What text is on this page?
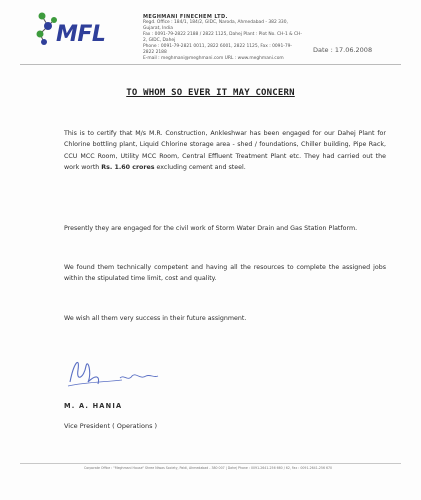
MFL
MEGHMANI FINECHEM LTD.
Regd. Office : 184/1, 184/2, GIDC, Naroda, Ahmedabad - 382 330, Gujarat, India
Fax : 0091-79-2822 2188 / 2822 1125, Dahej Plant : Plot No. CH-1 & CH-2, GIDC, Dahej
Phone : 0091-79-2821 0011, 2822 6001, 2822 1125, Fax : 0091-79-2822 2188
E-mail : meghmani@meghmani.com URL : www.meghmani.com
Date : 17.06.2008
TO WHOM SO EVER IT MAY CONCERN
This is to certify that M/s M.R. Construction, Ankleshwar has been engaged for our Dahej Plant for Chlorine bottling plant, Liquid Chlorine storage area - shed / foundations, Chiller building, Pipe Rack, CCU MCC Room, Utility MCC Room, Central Effluent Treatment Plant etc. They had carried out the work worth Rs. 1.60 crores excluding cement and steel.
Presently they are engaged for the civil work of Storm Water Drain and Gas Station Platform.
We found them technically competent and having all the resources to complete the assigned jobs within the stipulated time limit, cost and quality.
We wish all them very success in their future assignment.
M. A. HANIA
Vice President ( Operations )
Corporate Office : "Meghmani House" Shree Niwas Society, Paldi, Ahmedabad - 380 007 | Dahej Phone : 0091-2641-256 660 / 62, Fax : 0091-2641-256 670
